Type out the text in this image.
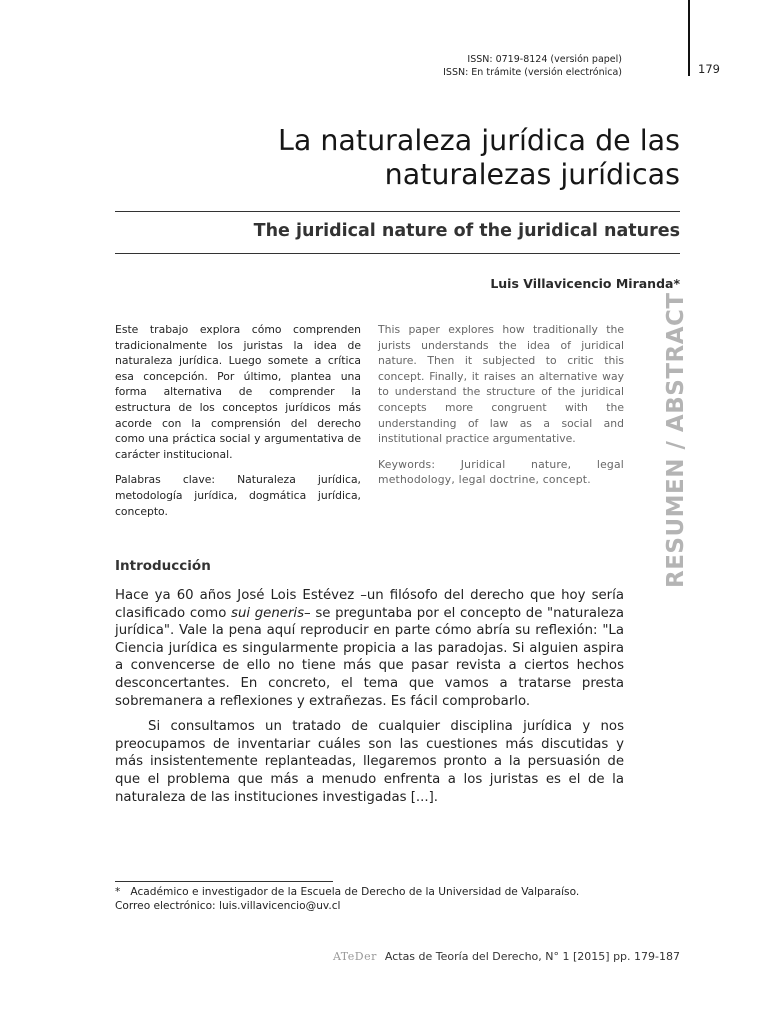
ISSN: 0719-8124 (versión papel)
ISSN: En trámite (versión electrónica)	179
La naturaleza jurídica de las naturalezas jurídicas
The juridical nature of the juridical natures
Luis Villavicencio Miranda*

Este trabajo explora cómo comprenden tradicionalmente los juristas la idea de naturaleza jurídica. Luego somete a crítica esa concepción. Por último, plantea una forma alternativa de comprender la estructura de los conceptos jurídicos más acorde con la comprensión del derecho como una práctica social y argumentativa de carácter institucional.

Palabras clave: Naturaleza jurídica, metodología jurídica, dogmática jurídica, concepto.

This paper explores how traditionally the jurists understands the idea of juridical nature. Then it subjected to critic this concept. Finally, it raises an alternative way to understand the structure of the juridical concepts more congruent with the understanding of law as a social and institutional practice argumentative.

Keywords: Juridical nature, legal methodology, legal doctrine, concept.	RESUMEN / ABSTRACT
Introducción

Hace ya 60 años José Lois Estévez –un filósofo del derecho que hoy sería clasificado como sui generis– se preguntaba por el concepto de "naturaleza jurídica". Vale la pena aquí reproducir en parte cómo abría su reflexión: "La Ciencia jurídica es singularmente propicia a las paradojas. Si alguien aspira a convencerse de ello no tiene más que pasar revista a ciertos hechos desconcertantes. En concreto, el tema que vamos a tratarse presta sobremanera a reflexiones y extrañezas. Es fácil comprobarlo.

Si consultamos un tratado de cualquier disciplina jurídica y nos preocupamos de inventariar cuáles son las cuestiones más discutidas y más insistentemente replanteadas, llegaremos pronto a la persuasión de que el problema que más a menudo enfrenta a los juristas es el de la naturaleza de las instituciones investigadas [...].

*   Académico e investigador de la Escuela de Derecho de la Universidad de Valparaíso.
Correo electrónico: luis.villavicencio@uv.cl
ATeDer Actas de Teoría del Derecho, N° 1 [2015] pp. 179-187
